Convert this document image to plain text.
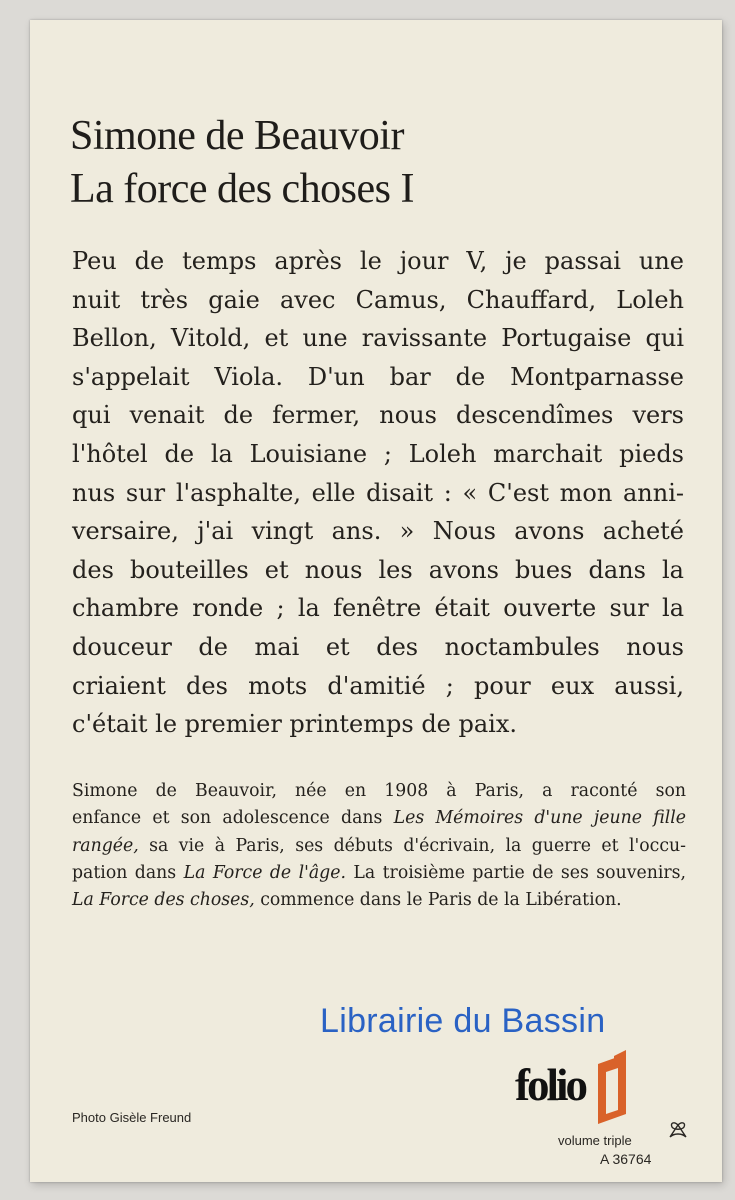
Simone de Beauvoir
La force des choses I
Peu de temps après le jour V, je passai une
nuit très gaie avec Camus, Chauffard, Loleh
Bellon, Vitold, et une ravissante Portugaise qui
s'appelait Viola. D'un bar de Montparnasse
qui venait de fermer, nous descendîmes vers
l'hôtel de la Louisiane ; Loleh marchait pieds
nus sur l'asphalte, elle disait : « C'est mon anni-
versaire, j'ai vingt ans. » Nous avons acheté
des bouteilles et nous les avons bues dans la
chambre ronde ; la fenêtre était ouverte sur la
douceur de mai et des noctambules nous
criaient des mots d'amitié ; pour eux aussi,
c'était le premier printemps de paix.
Simone de Beauvoir, née en 1908 à Paris, a raconté son
enfance et son adolescence dans Les Mémoires d'une jeune fille
rangée, sa vie à Paris, ses débuts d'écrivain, la guerre et l'occu-
pation dans La Force de l'âge. La troisième partie de ses souvenirs,
La Force des choses, commence dans le Paris de la Libération.
Photo Gisèle Freund
folio
volume triple
A 36764
Librairie du Bassin
